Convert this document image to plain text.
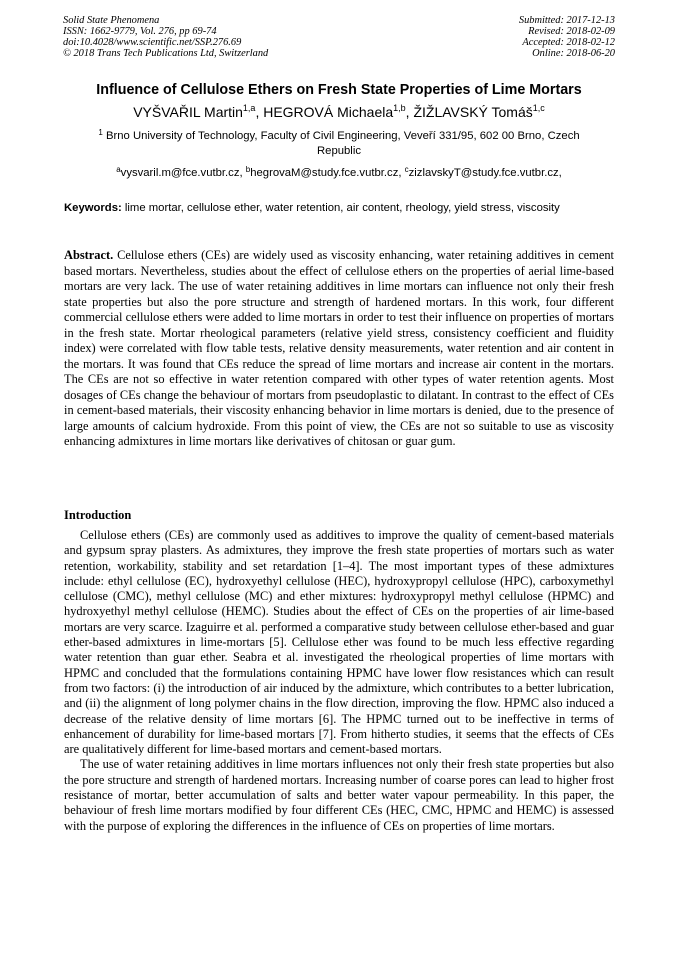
Solid State Phenomena
ISSN: 1662-9779, Vol. 276, pp 69-74
doi:10.4028/www.scientific.net/SSP.276.69
© 2018 Trans Tech Publications Ltd, Switzerland
Submitted: 2017-12-13
Revised: 2018-02-09
Accepted: 2018-02-12
Online: 2018-06-20
Influence of Cellulose Ethers on Fresh State Properties of Lime Mortars
VYŠVAŘIL Martin$^{1,a}$, HEGROVÁ Michaela$^{1,b}$, ŽIŽLAVSKÝ Tomáš$^{1,c}$
$^1$ Brno University of Technology, Faculty of Civil Engineering, Veveří 331/95, 602 00 Brno, Czech Republic
$^a$vysvaril.m@fce.vutbr.cz, $^b$hegrovaM@study.fce.vutbr.cz, $^c$zizlavskyT@study.fce.vutbr.cz,
Keywords: lime mortar, cellulose ether, water retention, air content, rheology, yield stress, viscosity
Abstract. Cellulose ethers (CEs) are widely used as viscosity enhancing, water retaining additives in cement based mortars. Nevertheless, studies about the effect of cellulose ethers on the properties of aerial lime-based mortars are very lack. The use of water retaining additives in lime mortars can influence not only their fresh state properties but also the pore structure and strength of hardened mortars. In this work, four different commercial cellulose ethers were added to lime mortars in order to test their influence on properties of mortars in the fresh state. Mortar rheological parameters (relative yield stress, consistency coefficient and fluidity index) were correlated with flow table tests, relative density measurements, water retention and air content in the mortars. It was found that CEs reduce the spread of lime mortars and increase air content in the mortars. The CEs are not so effective in water retention compared with other types of water retention agents. Most dosages of CEs change the behaviour of mortars from pseudoplastic to dilatant. In contrast to the effect of CEs in cement-based materials, their viscosity enhancing behavior in lime mortars is denied, due to the presence of large amounts of calcium hydroxide. From this point of view, the CEs are not so suitable to use as viscosity enhancing admixtures in lime mortars like derivatives of chitosan or guar gum.
Introduction

Cellulose ethers (CEs) are commonly used as additives to improve the quality of cement-based materials and gypsum spray plasters. As admixtures, they improve the fresh state properties of mortars such as water retention, workability, stability and set retardation [1–4]. The most important types of these admixtures include: ethyl cellulose (EC), hydroxyethyl cellulose (HEC), hydroxypropyl cellulose (HPC), carboxymethyl cellulose (CMC), methyl cellulose (MC) and ether mixtures: hydroxypropyl methyl cellulose (HPMC) and hydroxyethyl methyl cellulose (HEMC). Studies about the effect of CEs on the properties of air lime-based mortars are very scarce. Izaguirre et al. performed a comparative study between cellulose ether-based and guar ether-based admixtures in lime-mortars [5]. Cellulose ether was found to be much less effective regarding water retention than guar ether. Seabra et al. investigated the rheological properties of lime mortars with HPMC and concluded that the formulations containing HPMC have lower flow resistances which can result from two factors: (i) the introduction of air induced by the admixture, which contributes to a better lubrication, and (ii) the alignment of long polymer chains in the flow direction, improving the flow. HPMC also induced a decrease of the relative density of lime mortars [6]. The HPMC turned out to be ineffective in terms of enhancement of durability for lime-based mortars [7]. From hitherto studies, it seems that the effects of CEs are qualitatively different for lime-based mortars and cement-based mortars.

The use of water retaining additives in lime mortars influences not only their fresh state properties but also the pore structure and strength of hardened mortars. Increasing number of coarse pores can lead to higher frost resistance of mortar, better accumulation of salts and better water vapour permeability. In this paper, the behaviour of fresh lime mortars modified by four different CEs (HEC, CMC, HPMC and HEMC) is assessed with the purpose of exploring the differences in the influence of CEs on properties of lime mortars.
